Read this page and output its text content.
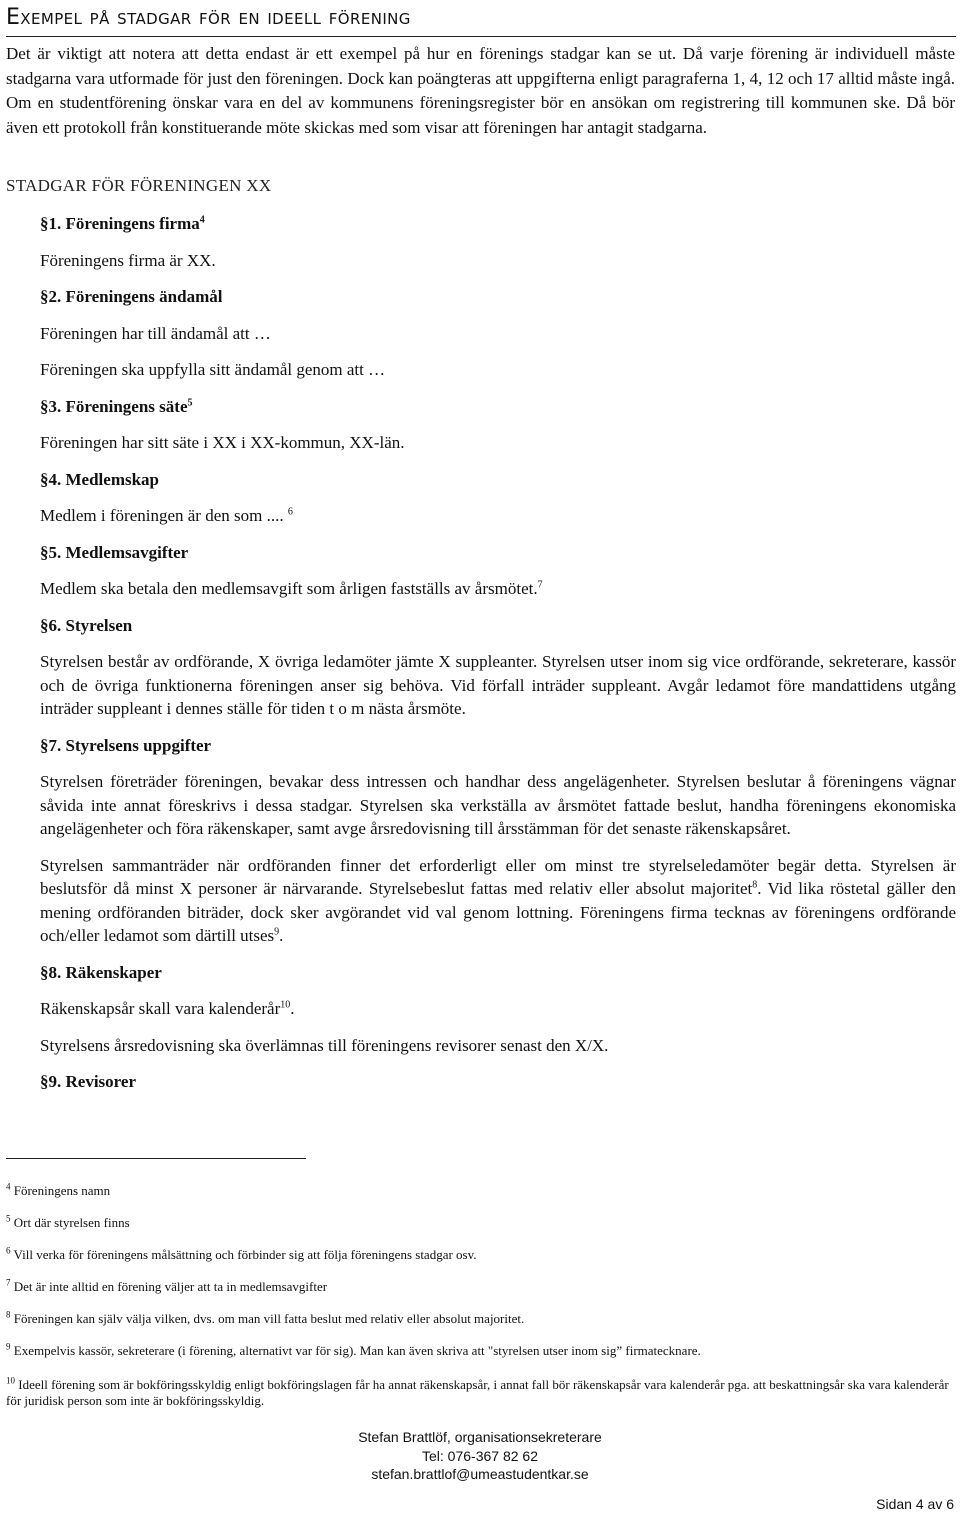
Exempel på stadgar för en ideell förening
Det är viktigt att notera att detta endast är ett exempel på hur en förenings stadgar kan se ut. Då varje förening är individuell måste stadgarna vara utformade för just den föreningen. Dock kan poängteras att uppgifterna enligt paragraferna 1, 4, 12 och 17 alltid måste ingå. Om en studentförening önskar vara en del av kommunens föreningsregister bör en ansökan om registrering till kommunen ske. Då bör även ett protokoll från konstituerande möte skickas med som visar att föreningen har antagit stadgarna.
STADGAR FÖR FÖRENINGEN XX

§1. Föreningens firma$^4$

Föreningens firma är XX.

§2. Föreningens ändamål

Föreningen har till ändamål att …

Föreningen ska uppfylla sitt ändamål genom att …

§3. Föreningens säte$^5$

Föreningen har sitt säte i XX i XX-kommun, XX-län.

§4. Medlemskap

Medlem i föreningen är den som .... $^6$

§5. Medlemsavgifter

Medlem ska betala den medlemsavgift som årligen fastställs av årsmötet.$^7$

§6. Styrelsen

Styrelsen består av ordförande, X övriga ledamöter jämte X suppleanter. Styrelsen utser inom sig vice ordförande, sekreterare, kassör och de övriga funktionerna föreningen anser sig behöva. Vid förfall inträder suppleant. Avgår ledamot före mandattidens utgång inträder suppleant i dennes ställe för tiden t o m nästa årsmöte.

§7. Styrelsens uppgifter

Styrelsen företräder föreningen, bevakar dess intressen och handhar dess angelägenheter. Styrelsen beslutar å föreningens vägnar såvida inte annat föreskrivs i dessa stadgar. Styrelsen ska verkställa av årsmötet fattade beslut, handha föreningens ekonomiska angelägenheter och föra räkenskaper, samt avge årsredovisning till årsstämman för det senaste räkenskapsåret.

Styrelsen sammanträder när ordföranden finner det erforderligt eller om minst tre styrelseledamöter begär detta. Styrelsen är beslutsför då minst X personer är närvarande. Styrelsebeslut fattas med relativ eller absolut majoritet$^8$. Vid lika röstetal gäller den mening ordföranden biträder, dock sker avgörandet vid val genom lottning. Föreningens firma tecknas av föreningens ordförande och/eller ledamot som därtill utses$^9$.

§8. Räkenskaper

Räkenskapsår skall vara kalenderår$^{10}$.

Styrelsens årsredovisning ska överlämnas till föreningens revisorer senast den X/X.

§9. Revisorer

$^4$ Föreningens namn
$^5$ Ort där styrelsen finns
$^6$ Vill verka för föreningens målsättning och förbinder sig att följa föreningens stadgar osv.
$^7$ Det är inte alltid en förening väljer att ta in medlemsavgifter
$^8$ Föreningen kan själv välja vilken, dvs. om man vill fatta beslut med relativ eller absolut majoritet.
$^9$ Exempelvis kassör, sekreterare (i förening, alternativt var för sig). Man kan även skriva att "styrelsen utser inom sig” firmatecknare.
$^{10}$ Ideell förening som är bokföringsskyldig enligt bokföringslagen får ha annat räkenskapsår, i annat fall bör räkenskapsår vara kalenderår pga. att beskattningsår ska vara kalenderår för juridisk person som inte är bokföringsskyldig.
Stefan Brattlöf, organisationsekreterare
Tel: 076-367 82 62
stefan.brattlof@umeastudentkar.se
Sidan 4 av 6
